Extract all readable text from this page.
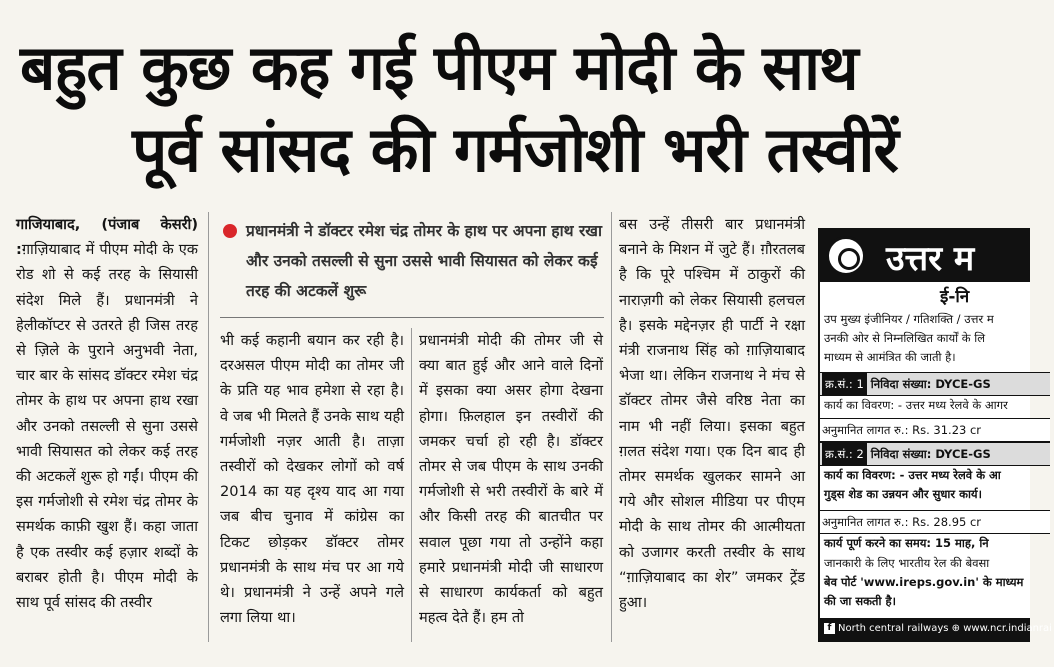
बहुत कुछ कह गई पीएम मोदी के साथ
पूर्व सांसद की गर्मजोशी भरी तस्वीरें
गाजियाबाद, (पंजाब केसरी) :ग़ाज़ियाबाद में पीएम मोदी के एक रोड शो से कई तरह के सियासी संदेश मिले हैं। प्रधानमंत्री ने हेलीकॉप्टर से उतरते ही जिस तरह से ज़िले के पुराने अनुभवी नेता, चार बार के सांसद डॉक्टर रमेश चंद्र तोमर के हाथ पर अपना हाथ रखा और उनको तसल्ली से सुना उससे भावी सियासत को लेकर कई तरह की अटकलें शुरू हो गईं। पीएम की इस गर्मजोशी से रमेश चंद्र तोमर के समर्थक काफ़ी खुश हैं। कहा जाता है एक तस्वीर कई हज़ार शब्दों के बराबर होती है। पीएम मोदी के साथ पूर्व सांसद की तस्वीर
प्रधानमंत्री ने डॉक्टर रमेश चंद्र तोमर के हाथ पर अपना हाथ रखा और उनको तसल्ली से सुना उससे भावी सियासत को लेकर कई तरह की अटकलें शुरू
भी कई कहानी बयान कर रही है। दरअसल पीएम मोदी का तोमर जी के प्रति यह भाव हमेशा से रहा है। वे जब भी मिलते हैं उनके साथ यही गर्मजोशी नज़र आती है। ताज़ा तस्वीरों को देखकर लोगों को वर्ष 2014 का यह दृश्य याद आ गया जब बीच चुनाव में कांग्रेस का टिकट छोड़कर डॉक्टर तोमर प्रधानमंत्री के साथ मंच पर आ गये थे। प्रधानमंत्री ने उन्हें अपने गले लगा लिया था।
प्रधानमंत्री मोदी की तोमर जी से क्या बात हुई और आने वाले दिनों में इसका क्या असर होगा देखना होगा। फ़िलहाल इन तस्वीरों की जमकर चर्चा हो रही है। डॉक्टर तोमर से जब पीएम के साथ उनकी गर्मजोशी से भरी तस्वीरों के बारे में और किसी तरह की बातचीत पर सवाल पूछा गया तो उन्होंने कहा हमारे प्रधानमंत्री मोदी जी साधारण से साधारण कार्यकर्ता को बहुत महत्व देते हैं। हम तो
बस उन्हें तीसरी बार प्रधानमंत्री बनाने के मिशन में जुटे हैं। ग़ौरतलब है कि पूरे पश्चिम में ठाकुरों की नाराज़गी को लेकर सियासी हलचल है। इसके मद्देनज़र ही पार्टी ने रक्षा मंत्री राजनाथ सिंह को ग़ाज़ियाबाद भेजा था। लेकिन राजनाथ ने मंच से डॉक्टर तोमर जैसे वरिष्ठ नेता का नाम भी नहीं लिया। इसका बहुत ग़लत संदेश गया। एक दिन बाद ही तोमर समर्थक खुलकर सामने आ गये और सोशल मीडिया पर पीएम मोदी के साथ तोमर की आत्मीयता को उजागर करती तस्वीर के साथ “ग़ाज़ियाबाद का शेर” जमकर ट्रेंड हुआ।
उत्तर म
ई-नि
उप मुख्य इंजीनियर / गतिशक्ति / उत्तर म
उनकी ओर से निम्नलिखित कार्यों के लि
माध्यम से आमंत्रित की जाती है।
क्र.सं.: 1 निविदा संख्या: DYCE-GS
कार्य का विवरण: - उत्तर मध्य रेलवे के आगर
अनुमानित लागत रु.: Rs. 31.23 cr
क्र.सं.: 2 निविदा संख्या: DYCE-GS
कार्य का विवरण: - उत्तर मध्य रेलवे के आ
गुड्स शेड का उन्नयन और सुधार कार्य।
अनुमानित लागत रु.: Rs. 28.95 cr
कार्य पूर्ण करने का समय: 15 माह, नि
जानकारी के लिए भारतीय रेल की बेवसा
बेव पोर्ट 'www.ireps.gov.in' के माध्यम
की जा सकती है।
f North central railways ⊕ www.ncr.indianrai
